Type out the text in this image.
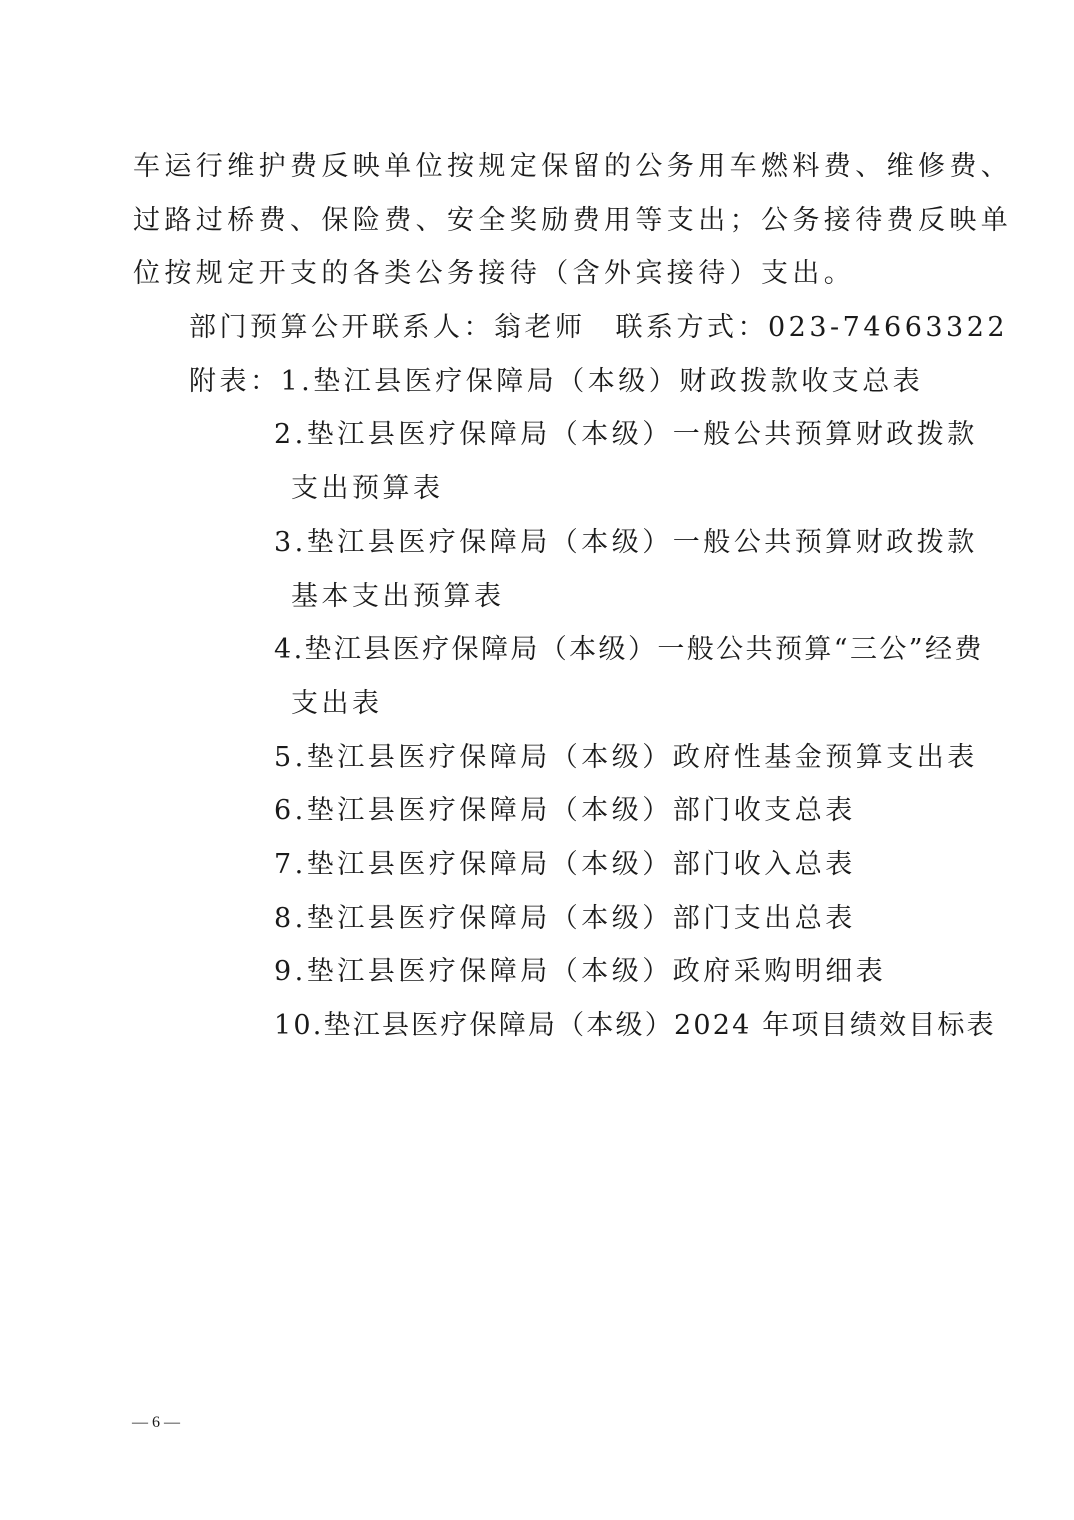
车运行维护费反映单位按规定保留的公务用车燃料费、维修费、
过路过桥费、保险费、安全奖励费用等支出；公务接待费反映单
位按规定开支的各类公务接待（含外宾接待）支出。
部门预算公开联系人：翁老师 联系方式：023-74663322
附表：1.垫江县医疗保障局（本级）财政拨款收支总表
2.垫江县医疗保障局（本级）一般公共预算财政拨款
支出预算表
3.垫江县医疗保障局（本级）一般公共预算财政拨款
基本支出预算表
4.垫江县医疗保障局（本级）一般公共预算“三公”经费
支出表
5.垫江县医疗保障局（本级）政府性基金预算支出表
6.垫江县医疗保障局（本级）部门收支总表
7.垫江县医疗保障局（本级）部门收入总表
8.垫江县医疗保障局（本级）部门支出总表
9.垫江县医疗保障局（本级）政府采购明细表
10.垫江县医疗保障局（本级）2024 年项目绩效目标表
— 6 —
